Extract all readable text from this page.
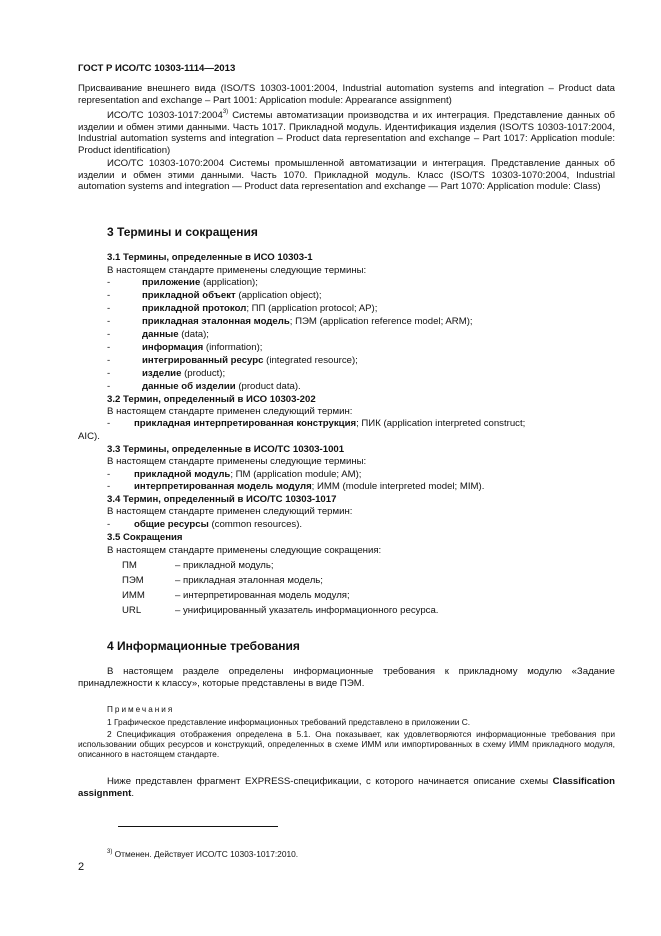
ГОСТ Р ИСО/ТС 10303-1114—2013
Присваивание внешнего вида (ISO/TS 10303-1001:2004, Industrial automation systems and integration – Product data representation and exchange – Part 1001: Application module: Appearance assignment)
ИСО/ТС 10303-1017:2004$^{3)}$ Системы автоматизации производства и их интеграция. Представление данных об изделии и обмен этими данными. Часть 1017. Прикладной модуль. Идентификация изделия (ISO/TS 10303-1017:2004, Industrial automation systems and integration – Product data representation and exchange – Part 1017: Application module: Product identification)
ИСО/ТС 10303-1070:2004 Системы промышленной автоматизации и интеграция. Представление данных об изделии и обмен этими данными. Часть 1070. Прикладной модуль. Класс (ISO/TS 10303-1070:2004, Industrial automation systems and integration — Product data representation and exchange — Part 1070: Application module: Class)
3 Термины и сокращения
3.1 Термины, определенные в ИСО 10303-1
В настоящем стандарте применены следующие термины:
-	приложение (application);
-	прикладной объект (application object);
-	прикладной протокол; ПП (application protocol; AP);
-	прикладная эталонная модель; ПЭМ (application reference model; ARM);
-	данные (data);
-	информация (information);
-	интегрированный ресурс (integrated resource);
-	изделие (product);
-	данные об изделии (product data).
3.2 Термин, определенный в ИСО 10303-202
В настоящем стандарте применен следующий термин:
- прикладная интерпретированная конструкция; ПИК (application interpreted construct;
AIC).
3.3 Термины, определенные в ИСО/ТС 10303-1001
В настоящем стандарте применены следующие термины:
- прикладной модуль; ПМ (application module; AM);
- интерпретированная модель модуля; ИММ (module interpreted model; MIM).
3.4 Термин, определенный в ИСО/ТС 10303-1017
В настоящем стандарте применен следующий термин:
- общие ресурсы (common resources).
3.5 Сокращения
В настоящем стандарте применены следующие сокращения:
ПМ	– прикладной модуль;
ПЭМ	– прикладная эталонная модель;
ИММ	– интерпретированная модель модуля;
URL	– унифицированный указатель информационного ресурса.
4 Информационные требования
В настоящем разделе определены информационные требования к прикладному модулю «Задание принадлежности к классу», которые представлены в виде ПЭМ.
Примечания
1 Графическое представление информационных требований представлено в приложении С.
2 Спецификация отображения определена в 5.1. Она показывает, как удовлетворяются информационные требования при использовании общих ресурсов и конструкций, определенных в схеме ИММ или импортированных в схему ИММ прикладного модуля, описанного в настоящем стандарте.
Ниже представлен фрагмент EXPRESS-спецификации, с которого начинается описание схемы Classification assignment.
$^{3)}$ Отменен. Действует ИСО/ТС 10303-1017:2010.
2
